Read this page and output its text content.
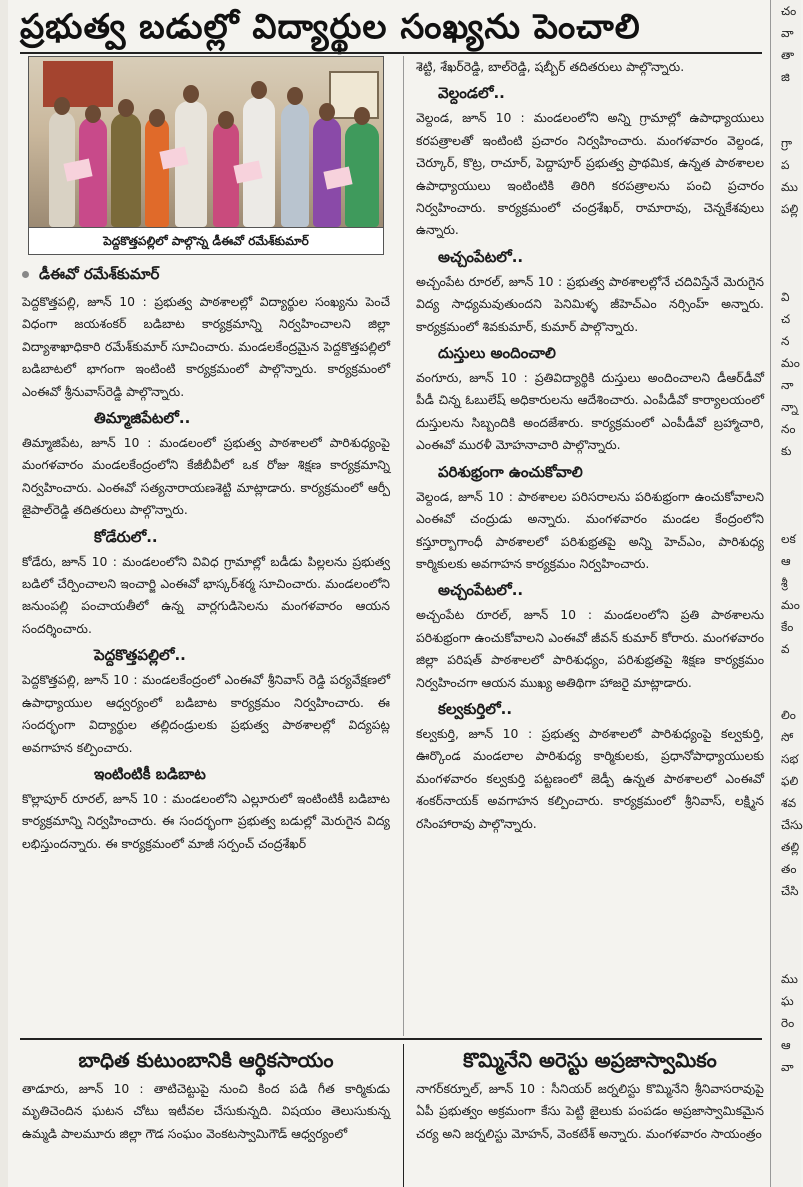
ప్రభుత్వ బడుల్లో విద్యార్థుల సంఖ్యను పెంచాలి
పెద్దకొత్తపల్లిలో పాల్గొన్న డీఈవో రమేశ్‌కుమార్
డీఈవో రమేశ్‌కుమార్

పెద్దకొత్తపల్లి, జూన్ 10 : ప్రభుత్వ పాఠశాలల్లో విద్యార్థుల సంఖ్యను పెంచే విధంగా జయశంకర్ బడిబాట కార్యక్రమాన్ని నిర్వహించాలని జిల్లా విద్యాశాఖాధికారి రమేశ్‌కుమార్ సూచించారు. మండలకేంద్రమైన పెద్దకొత్తపల్లిలో బడిబాటలో భాగంగా ఇంటింటి కార్యక్రమంలో పాల్గొన్నారు. కార్యక్రమంలో ఎంఈవో శ్రీనువాస్‌రెడ్డి పాల్గొన్నారు.

తిమ్మాజిపేటలో..

తిమ్మాజిపేట, జూన్ 10 : మండలంలో ప్రభుత్వ పాఠశాలలో పారిశుధ్యంపై మంగళవారం మండలకేంద్రంలోని కేజీబీవీలో ఒక రోజు శిక్షణ కార్యక్రమాన్ని నిర్వహించారు. ఎంఈవో సత్యనారాయణశెట్టి మాట్లాడారు. కార్యక్రమంలో ఆర్పీ జైపాల్‌రెడ్డి తదితరులు పాల్గొన్నారు.

కోడేరులో..

కోడేరు, జూన్ 10 : మండలంలోని వివిధ గ్రామాల్లో బడీడు పిల్లలను ప్రభుత్వ బడిలో చేర్పించాలని ఇంచార్జి ఎంఈవో భాస్కర్‌శర్మ సూచించారు. మండలంలోని జనుంపల్లి పంచాయతీలో ఉన్న వార్లగుడిసెలను మంగళవారం ఆయన సందర్శించారు.

పెద్దకొత్తపల్లిలో..

పెద్దకొత్తపల్లి, జూన్ 10 : మండలకేంద్రంలో ఎంఈవో శ్రీనివాస్ రెడ్డి పర్యవేక్షణలో ఉపాధ్యాయుల ఆధ్వర్యంలో బడిబాట కార్యక్రమం నిర్వహించారు. ఈ సందర్భంగా విద్యార్థుల తల్లిదండ్రులకు ప్రభుత్వ పాఠశాలల్లో విద్యపట్ల అవగాహన కల్పించారు.

ఇంటింటికీ బడిబాట

కొల్లాపూర్ రూరల్, జూన్ 10 : మండలంలోని ఎల్లూరులో ఇంటింటికీ బడిబాట కార్యక్రమాన్ని నిర్వహించారు. ఈ సందర్భంగా ప్రభుత్వ బడుల్లో మెరుగైన విద్య లభిస్తుందన్నారు. ఈ కార్యక్రమంలో మాజీ సర్పంచ్ చంద్రశేఖర్

శెట్టి, శేఖర్‌రెడ్డి, బాల్‌రెడ్డి, షబ్బీర్ తదితరులు పాల్గొన్నారు.

వెల్దండలో..

వెల్దండ, జూన్ 10 : మండలంలోని అన్ని గ్రామాల్లో ఉపాధ్యాయులు కరపత్రాలతో ఇంటింటి ప్రచారం నిర్వహించారు. మంగళవారం వెల్దండ, చెర్కూర్, కొట్ర, రాచూర్, పెద్దాపూర్ ప్రభుత్వ ప్రాథమిక, ఉన్నత పాఠశాలల ఉపాధ్యాయులు ఇంటింటికి తిరిగి కరపత్రాలను పంచి ప్రచారం నిర్వహించారు. కార్యక్రమంలో చంద్రశేఖర్, రామారావు, చెన్నకేశవులు ఉన్నారు.

అచ్చంపేటలో..

అచ్చంపేట రూరల్, జూన్ 10 : ప్రభుత్వ పాఠశాలల్లోనే చదివిస్తేనే మెరుగైన విద్య సాధ్యమవుతుందని పెనిమిళ్ళ జీహెచ్‌ఎం నర్సింహ్ అన్నారు. కార్యక్రమంలో శివకుమార్, కుమార్ పాల్గొన్నారు.

దుస్తులు అందించాలి

వంగూరు, జూన్ 10 : ప్రతివిద్యార్థికి దుస్తులు అందించాలని డీఆర్‌డీవో పీడీ చిన్న ఓబులేష్ అధికారులను ఆదేశించారు. ఎంపీడీవో కార్యాలయంలో దుస్తులను సిబ్బందికి అందజేశారు. కార్యక్రమంలో ఎంపీడీవో బ్రహ్మాచారి, ఎంఈవో మురళీ మోహనాచారి పాల్గొన్నారు.

పరిశుభ్రంగా ఉంచుకోవాలి

వెల్దండ, జూన్ 10 : పాఠశాలల పరిసరాలను పరిశుభ్రంగా ఉంచుకోవాలని ఎంఈవో చంద్రుడు అన్నారు. మంగళవారం మండల కేంద్రంలోని కస్తూర్బాగాంధీ పాఠశాలలో పరిశుభ్రతపై అన్ని హెచ్‌ఎం, పారిశుధ్య కార్మికులకు అవగాహన కార్యక్రమం నిర్వహించారు.

అచ్చంపేటలో..

అచ్చంపేట రూరల్, జూన్ 10 : మండలంలోని ప్రతి పాఠశాలను పరిశుభ్రంగా ఉంచుకోవాలని ఎంఈవో జీవన్ కుమార్ కోరారు. మంగళవారం జిల్లా పరిషత్ పాఠశాలలో పారిశుధ్యం, పరిశుభ్రతపై శిక్షణ కార్యక్రమం నిర్వహించగా ఆయన ముఖ్య అతిథిగా హాజరై మాట్లాడారు.

కల్వకుర్తిలో..

కల్వకుర్తి, జూన్ 10 : ప్రభుత్వ పాఠశాలలో పారిశుధ్యంపై కల్వకుర్తి, ఊర్కొండ మండలాల పారిశుధ్య కార్మికులకు, ప్రధానోపాధ్యాయులకు మంగళవారం కల్వకుర్తి పట్టణంలో జెడ్పీ ఉన్నత పాఠశాలలో ఎంఈవో శంకర్‌నాయక్ అవగాహన కల్పించారు. కార్యక్రమంలో శ్రీనివాస్, లక్ష్మిన రసింహారావు పాల్గొన్నారు.

బాధిత కుటుంబానికి ఆర్థికసాయం

తాడూరు, జూన్ 10 : తాటిచెట్టుపై నుంచి కింద పడి గీత కార్మికుడు మృతిచెందిన ఘటన చోటు ఇటీవల చేసుకున్నది. విషయం తెలుసుకున్న ఉమ్మడి పాలమూరు జిల్లా గౌడ సంఘం వెంకటస్వామిగౌడ్ ఆధ్వర్యంలో

కొమ్మినేని అరెస్టు అప్రజాస్వామికం

నాగర్‌కర్నూల్, జూన్ 10 : సీనియర్ జర్నలిస్టు కొమ్మినేని శ్రీనివాసరావుపై ఏపీ ప్రభుత్వం అక్రమంగా కేసు పెట్టి జైలుకు పంపడం అప్రజాస్వామికమైన చర్య అని జర్నలిస్టు మోహన్, వెంకటేశ్ అన్నారు. మంగళవారం సాయంత్రం

చం
వా
తా
జి

గ్రా
ప
ము
పల్లి

వి
చ
న
మం
నా
న్నా
నం
కు

లక
ఆ
శ్రీ
మం
కేం
వ

లిం
సో
సభ
ఫలి
శవ
చేసు
తల్లి
తం
చేసి

ము
ఘ
రెం
ఆ
వా
